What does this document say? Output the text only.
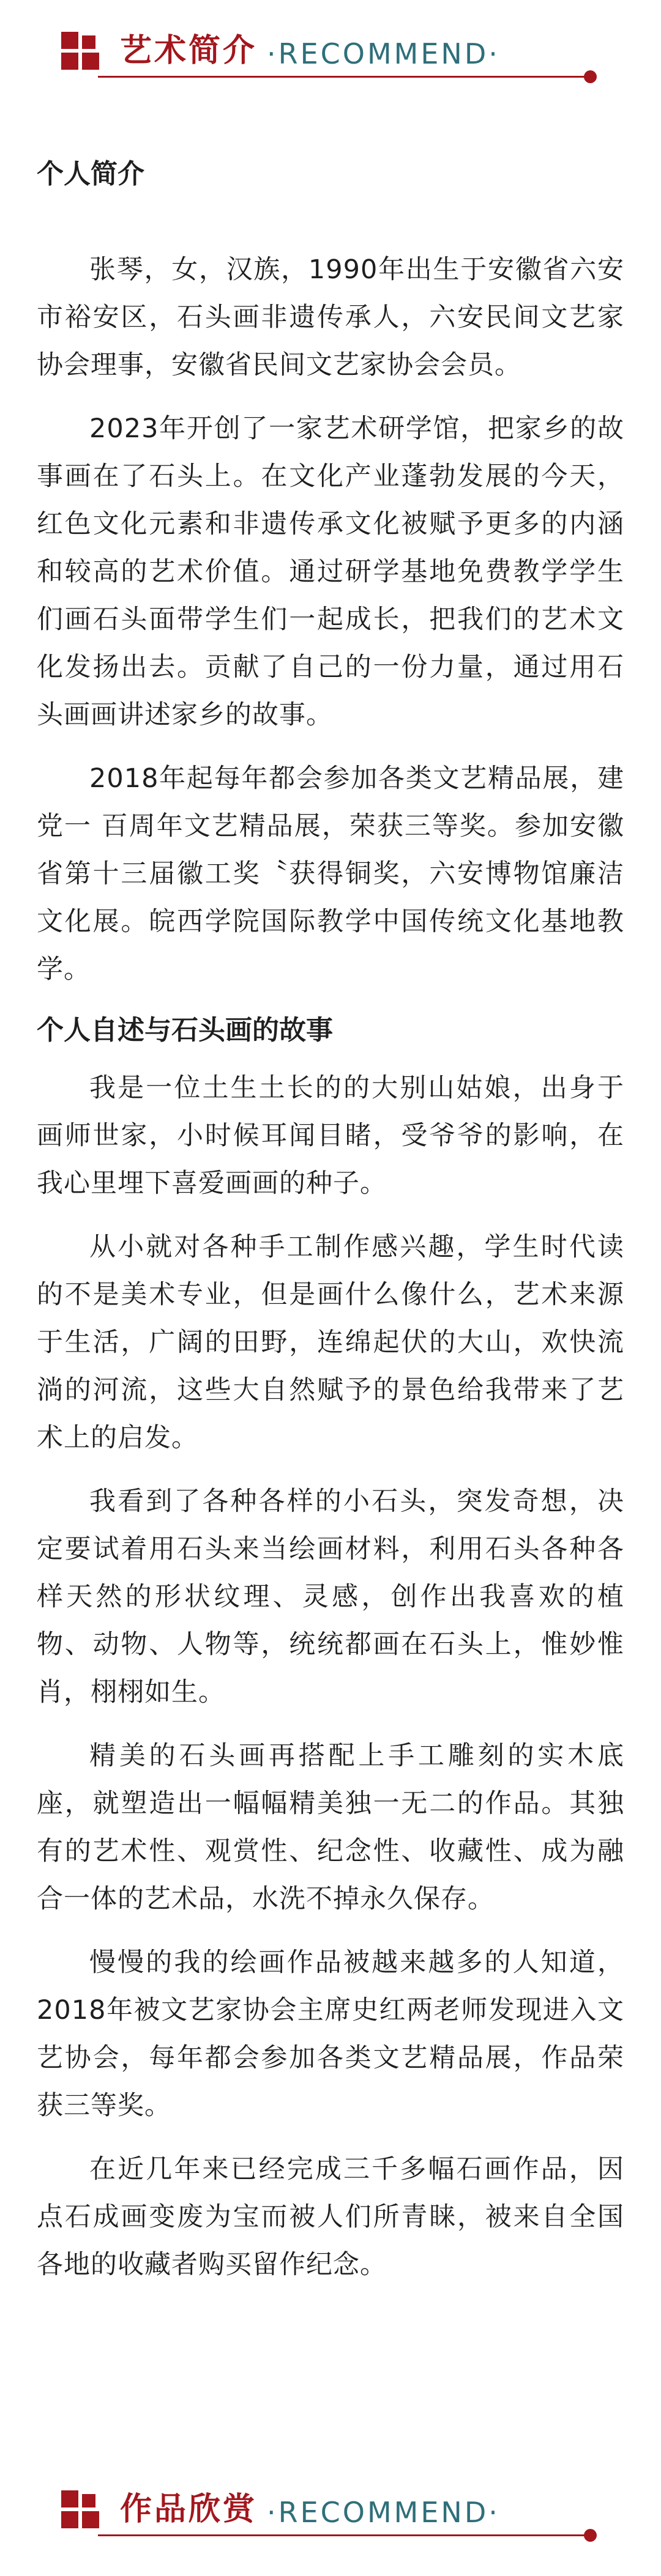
艺术简介 ·RECOMMEND·
个人简介

张琴，女，汉族，1990年出生于安徽省六安市裕安区，石头画非遗传承人，六安民间文艺家协会理事，安徽省民间文艺家协会会员。

2023年开创了一家艺术研学馆，把家乡的故事画在了石头上。在文化产业蓬勃发展的今天，红色文化元素和非遗传承文化被赋予更多的内涵和较高的艺术价值。通过研学基地免费教学学生们画石头面带学生们一起成长，把我们的艺术文化发扬出去。贡献了自己的一份力量，通过用石头画画讲述家乡的故事。

2018年起每年都会参加各类文艺精品展，建党一 百周年文艺精品展，荣获三等奖。参加安徽省第十三届徽工奖〝获得铜奖，六安博物馆廉洁文化展。皖西学院国际教学中国传统文化基地教学。

个人自述与石头画的故事

我是一位土生土长的的大别山姑娘，出身于画师世家，小时候耳闻目睹，受爷爷的影响，在我心里埋下喜爱画画的种子。

从小就对各种手工制作感兴趣，学生时代读的不是美术专业，但是画什么像什么，艺术来源于生活，广阔的田野，连绵起伏的大山，欢快流淌的河流，这些大自然赋予的景色给我带来了艺术上的启发。

我看到了各种各样的小石头，突发奇想，决定要试着用石头来当绘画材料，利用石头各种各样天然的形状纹理、灵感，创作出我喜欢的植物、动物、人物等，统统都画在石头上，惟妙惟肖，栩栩如生。

精美的石头画再搭配上手工雕刻的实木底座，就塑造出一幅幅精美独一无二的作品。其独有的艺术性、观赏性、纪念性、收藏性、成为融合一体的艺术品，水洗不掉永久保存。

慢慢的我的绘画作品被越来越多的人知道，2018年被文艺家协会主席史红两老师发现进入文艺协会，每年都会参加各类文艺精品展，作品荣获三等奖。

在近几年来已经完成三千多幅石画作品，因点石成画变废为宝而被人们所青睐，被来自全国各地的收藏者购买留作纪念。

作品欣赏 ·RECOMMEND·
